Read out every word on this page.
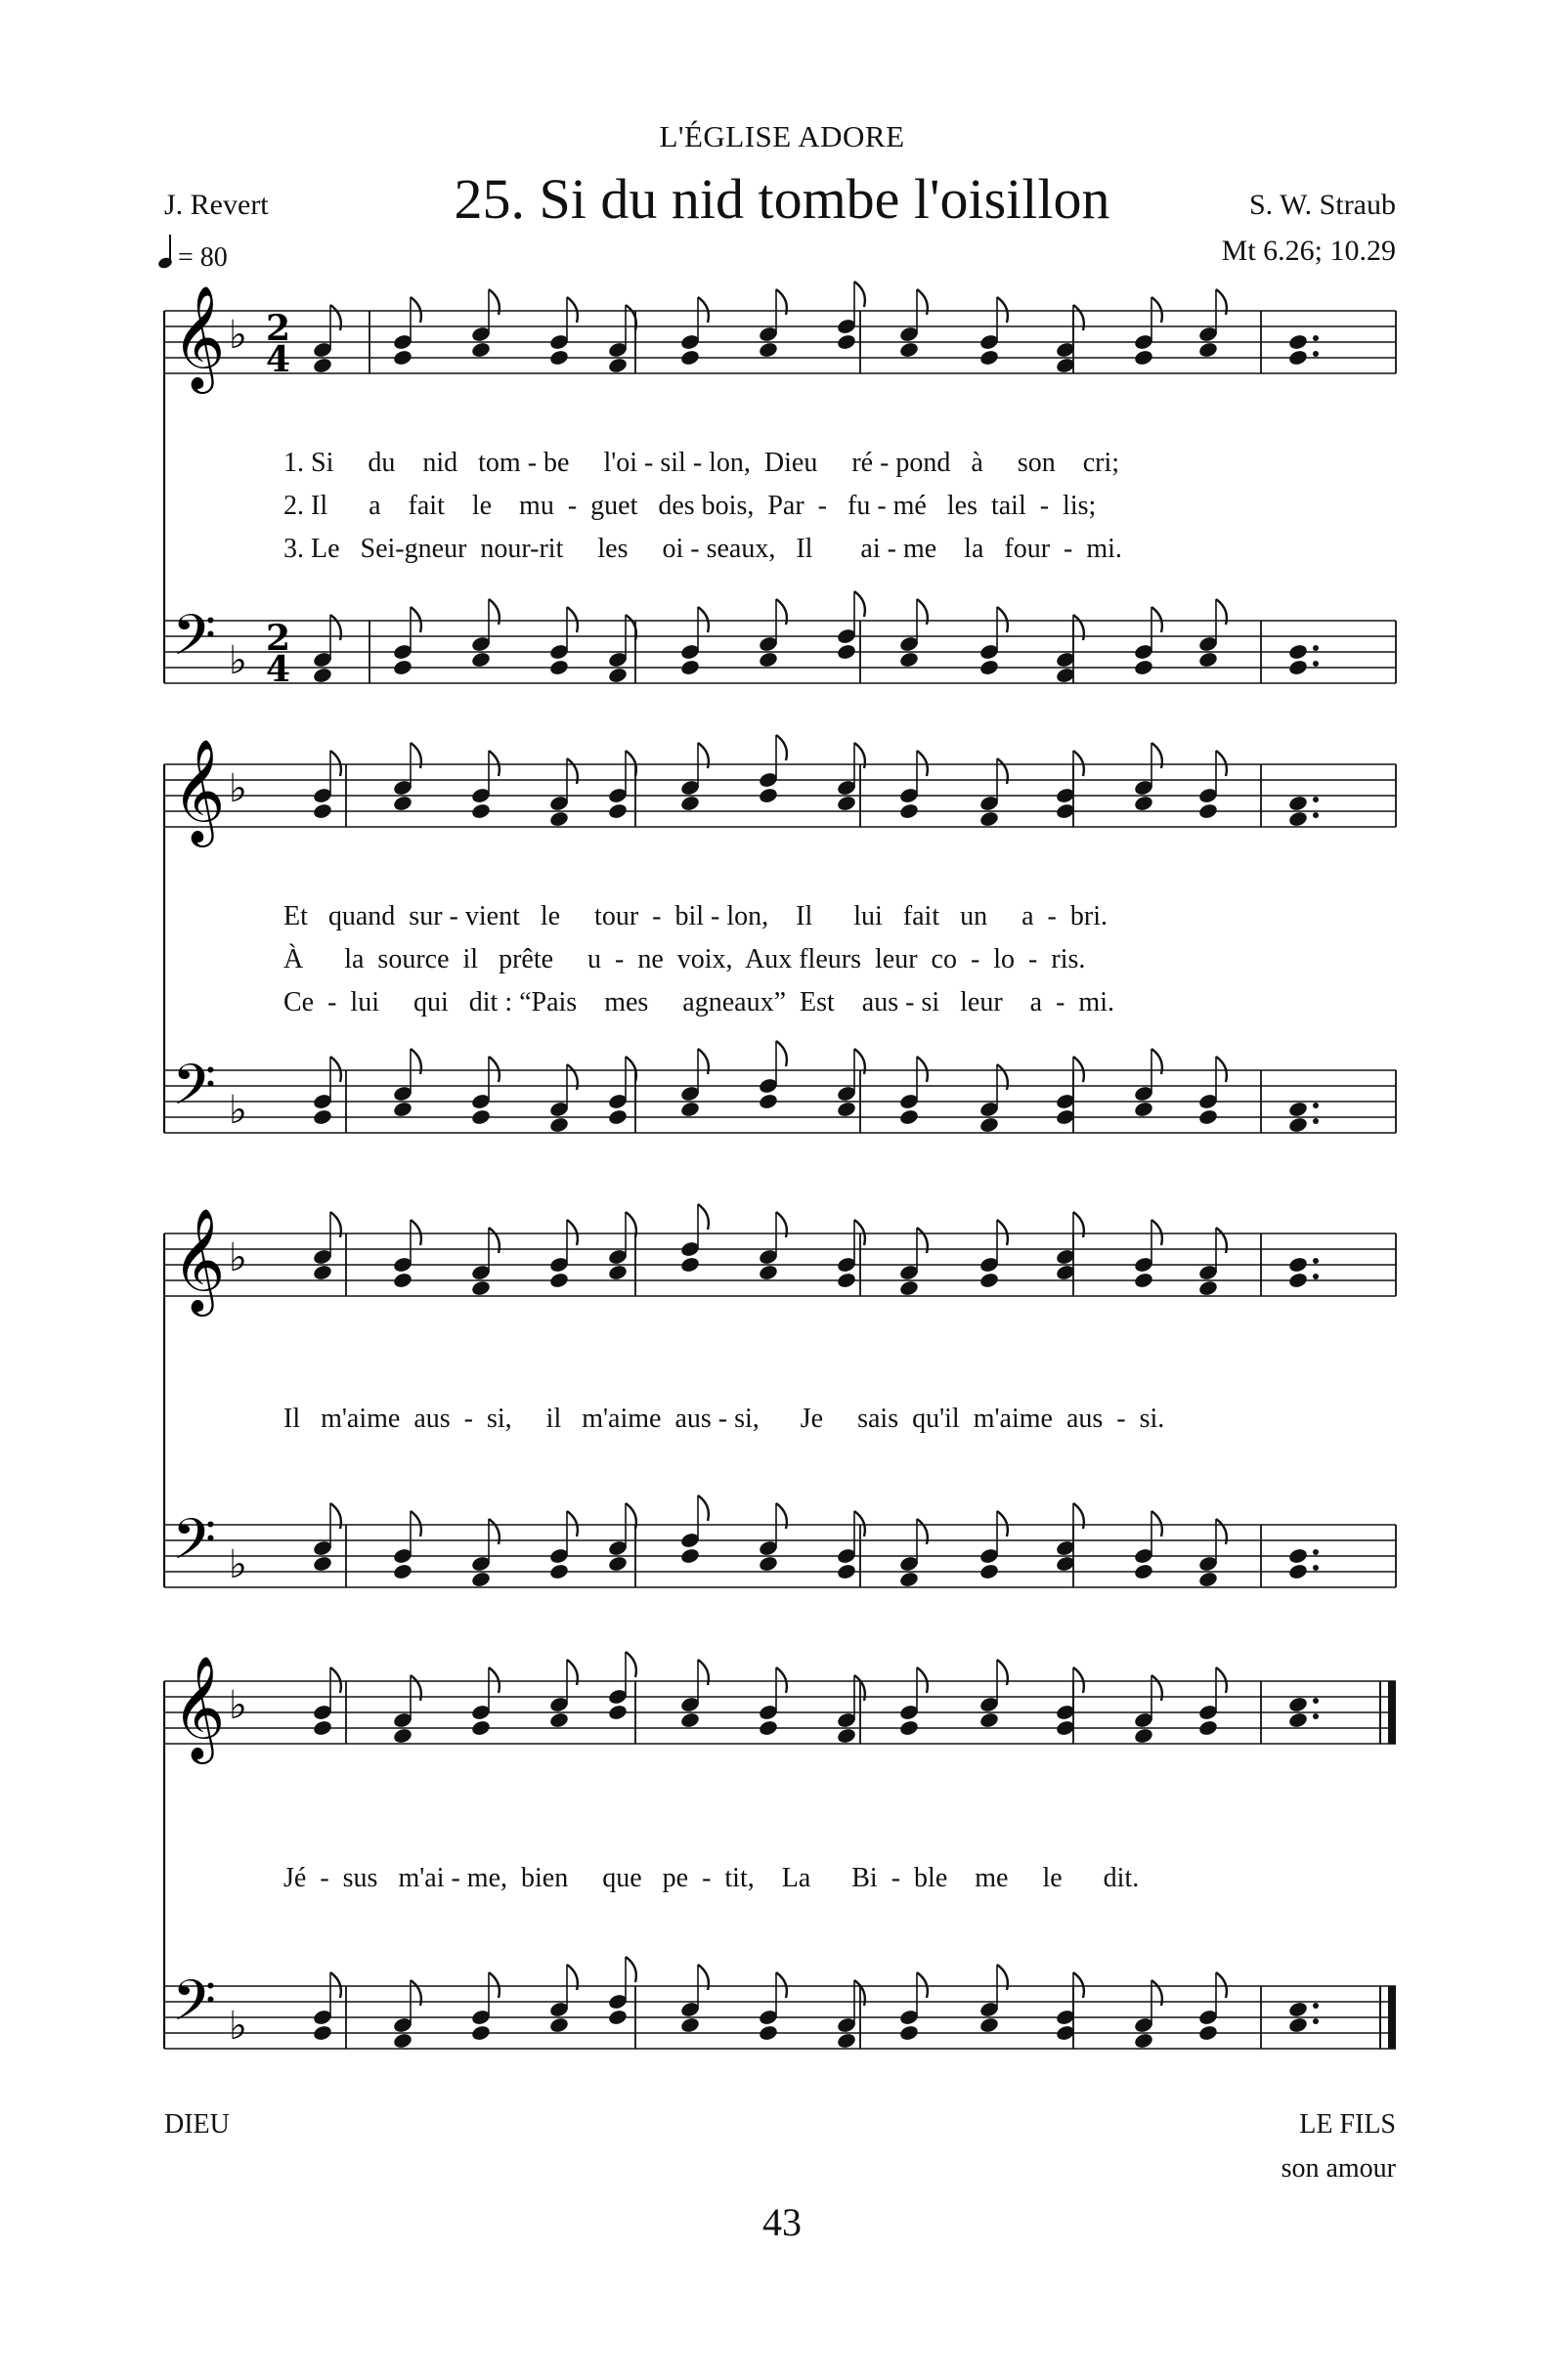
L'ÉGLISE ADORE
25. Si du nid tombe l'oisillon
J. Revert	S. W. Straub
Mt 6.26; 10.29
= 80
𝄞 ♭ 2
4
𝄢 ♭ 2
4
𝄞 ♭
𝄢 ♭
𝄞 ♭
𝄢 ♭
𝄞 ♭
𝄢 ♭
1. Si     du    nid   tom - be     l'oi - sil - lon,  Dieu     ré - pond   à     son    cri;
2. Il      a    fait    le    mu  -  guet   des bois,  Par  -   fu - mé   les  tail  -  lis;
3. Le   Sei-gneur  nour-rit     les     oi - seaux,   Il       ai - me    la   four  -  mi.
Et   quand  sur - vient   le     tour  -  bil - lon,    Il      lui   fait   un     a  -  bri.
À      la  source  il   prête     u  -  ne  voix,  Aux fleurs  leur  co  -  lo  -  ris.
Ce  -  lui     qui   dit : “Pais    mes     agneaux”  Est    aus - si   leur    a  -  mi.
Il   m'aime  aus  -  si,     il   m'aime  aus - si,      Je     sais  qu'il  m'aime  aus  -  si.
Jé  -  sus   m'ai - me,  bien     que   pe  -  tit,    La      Bi  -  ble    me     le      dit.
DIEU	LE FILS
son amour
43
